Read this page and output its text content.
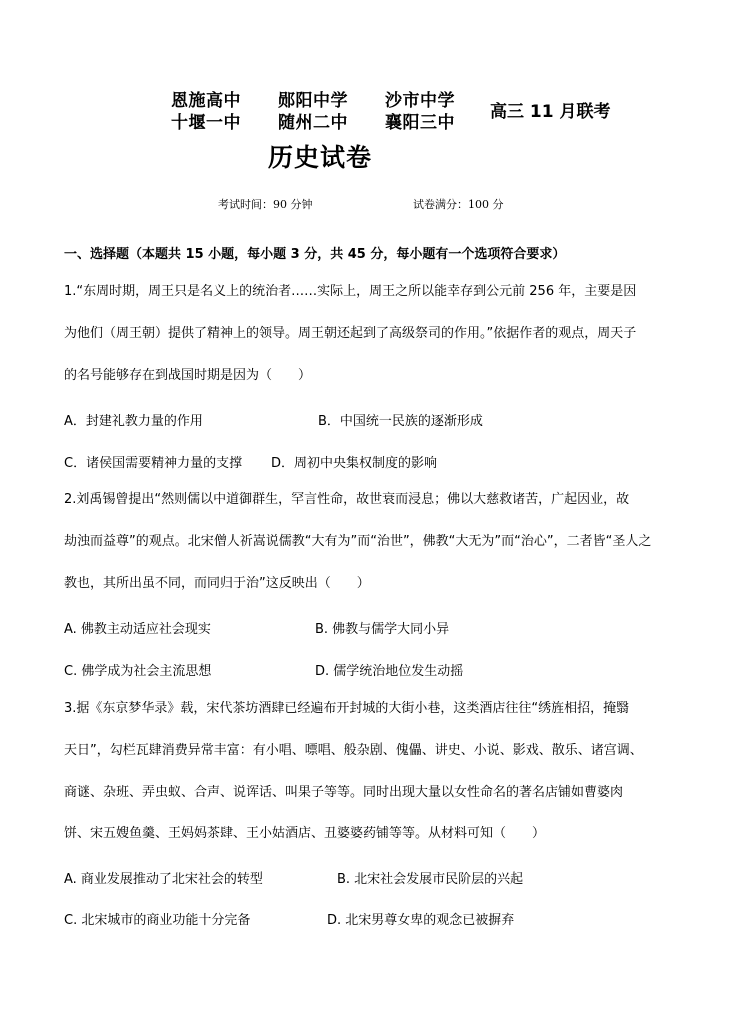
恩施高中 郧阳中学 沙市中学
十堰一中 随州二中 襄阳三中
高三 11 月联考
历史试卷
考试时间：90 分钟	试卷满分：100 分
一、选择题（本题共 15 小题，每小题 3 分，共 45 分，每小题有一个选项符合要求）
1.“东周时期，周王只是名义上的统治者……实际上，周王之所以能幸存到公元前 256 年，主要是因
为他们（周王朝）提供了精神上的领导。周王朝还起到了高级祭司的作用。”依据作者的观点，周天子
的名号能够存在到战国时期是因为（　　）
A．封建礼教力量的作用	B．中国统一民族的逐渐形成
C．诸侯国需要精神力量的支撑 D．周初中央集权制度的影响
2.刘禹锡曾提出“然则儒以中道御群生，罕言性命，故世衰而浸息；佛以大慈救诸苦，广起因业，故
劫浊而益尊”的观点。北宋僧人祈嵩说儒教“大有为”而“治世”，佛教“大无为”而“治心”，二者皆“圣人之
教也，其所出虽不同，而同归于治”这反映出（　　）
A. 佛教主动适应社会现实	B. 佛教与儒学大同小异
C. 佛学成为社会主流思想	D. 儒学统治地位发生动摇
3.据《东京梦华录》载，宋代茶坊酒肆已经遍布开封城的大街小巷，这类酒店往往“绣旌相招，掩翳
天日”，勾栏瓦肆消费异常丰富：有小唱、嘌唱、般杂剧、傀儡、讲史、小说、影戏、散乐、诸宫调、
商谜、杂班、弄虫蚁、合声、说诨话、叫果子等等。同时出现大量以女性命名的著名店铺如曹婆肉
饼、宋五嫂鱼羹、王妈妈茶肆、王小姑酒店、丑婆婆药铺等等。从材料可知（　　）
A. 商业发展推动了北宋社会的转型	B. 北宋社会发展市民阶层的兴起
C. 北宋城市的商业功能十分完备	D. 北宋男尊女卑的观念已被摒弃
